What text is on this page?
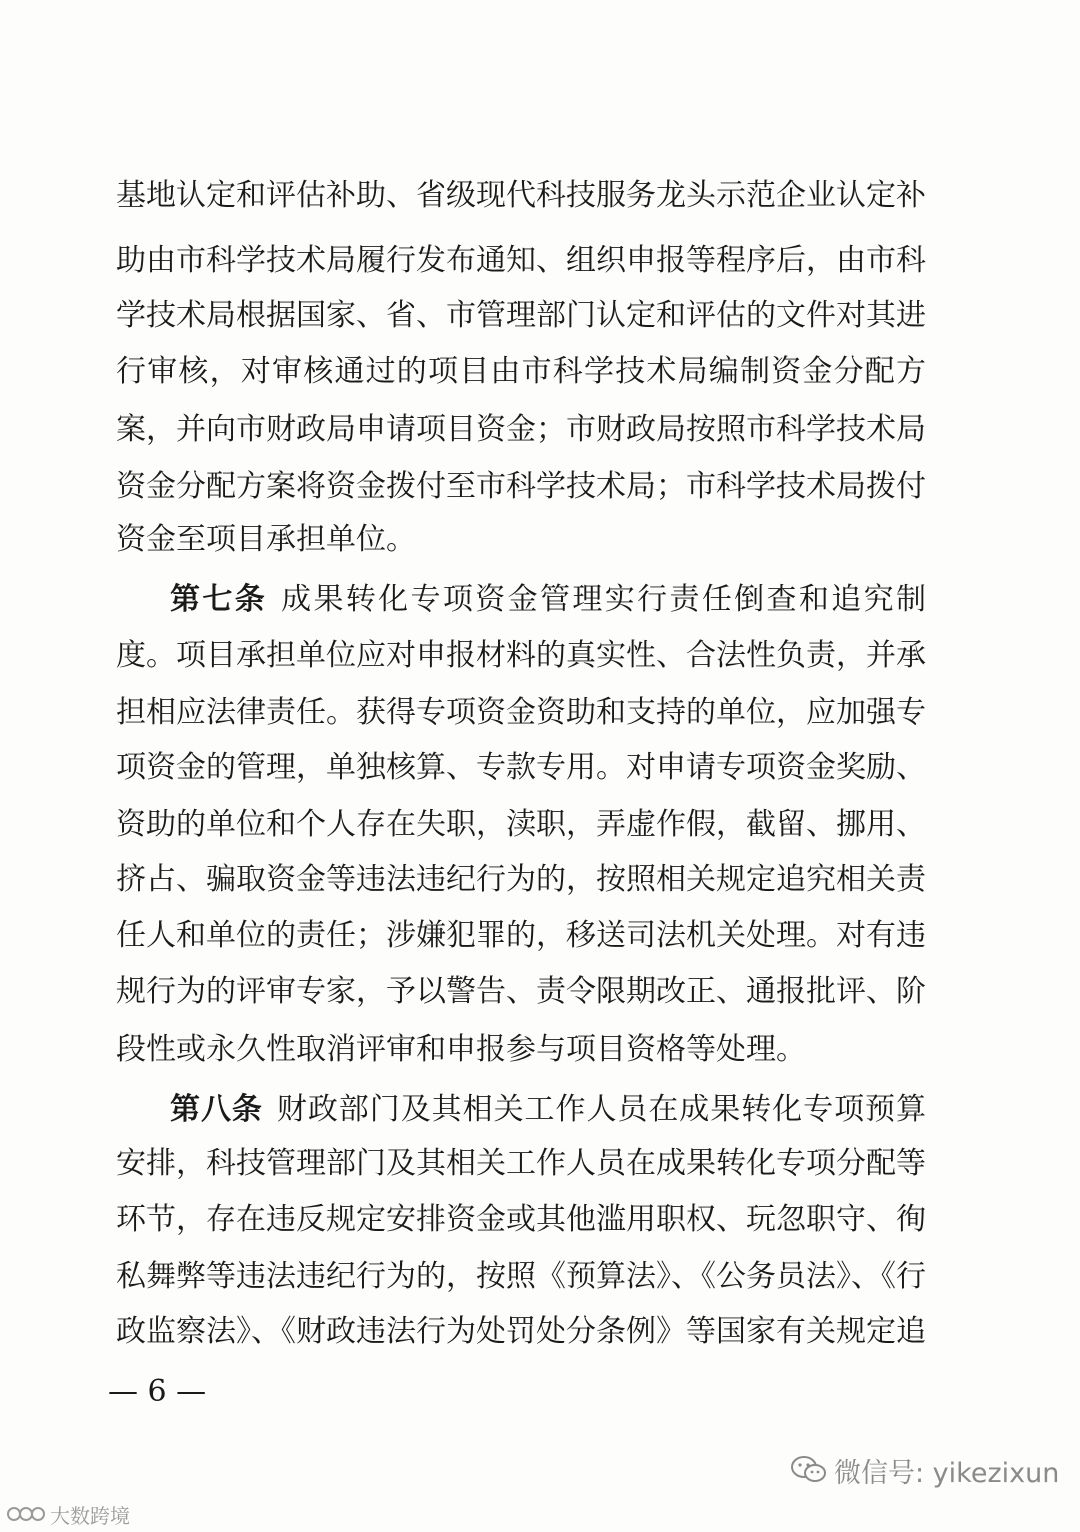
基地认定和评估补助、省级现代科技服务龙头示范企业认定补
助由市科学技术局履行发布通知、组织申报等程序后，由市科
学技术局根据国家、省、市管理部门认定和评估的文件对其进
行审核，对审核通过的项目由市科学技术局编制资金分配方
案，并向市财政局申请项目资金；市财政局按照市科学技术局
资金分配方案将资金拨付至市科学技术局；市科学技术局拨付
资金至项目承担单位。
第七条 成果转化专项资金管理实行责任倒查和追究制
度。项目承担单位应对申报材料的真实性、合法性负责，并承
担相应法律责任。获得专项资金资助和支持的单位，应加强专
项资金的管理，单独核算、专款专用。对申请专项资金奖励、
资助的单位和个人存在失职，渎职，弄虚作假，截留、挪用、
挤占、骗取资金等违法违纪行为的，按照相关规定追究相关责
任人和单位的责任；涉嫌犯罪的，移送司法机关处理。对有违
规行为的评审专家，予以警告、责令限期改正、通报批评、阶
段性或永久性取消评审和申报参与项目资格等处理。
第八条 财政部门及其相关工作人员在成果转化专项预算
安排，科技管理部门及其相关工作人员在成果转化专项分配等
环节，存在违反规定安排资金或其他滥用职权、玩忽职守、徇
私舞弊等违法违纪行为的，按照《预算法》、《公务员法》、《行
政监察法》、《财政违法行为处罚处分条例》等国家有关规定追
— 6 —
微信号: yikezixun
大数跨境
